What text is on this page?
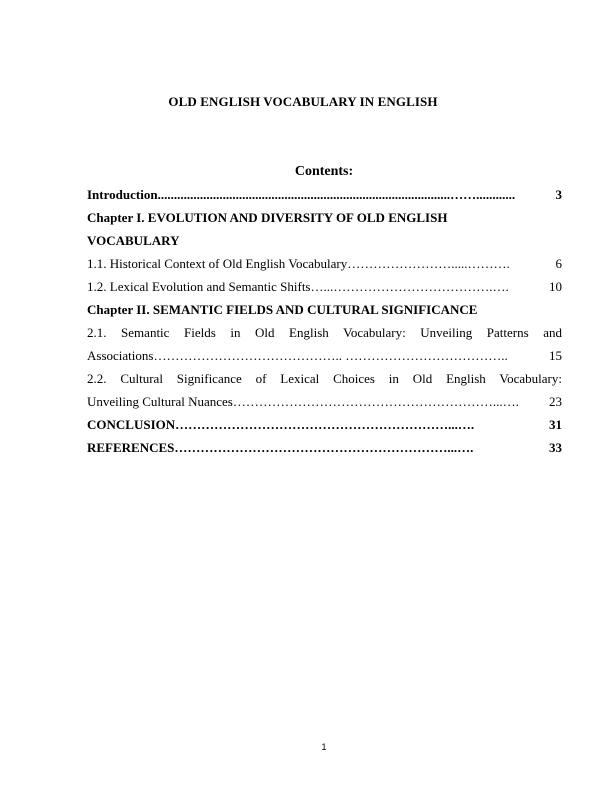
OLD ENGLISH VOCABULARY IN ENGLISH
Contents:
Introduction ..........................................................................................……............	3
Chapter I. EVOLUTION AND DIVERSITY OF OLD ENGLISH
VOCABULARY
1.1. Historical Context of Old English Vocabulary …………………….....……….	6
1.2. Lexical Evolution and Semantic Shifts…... ……………………………….….	10
Chapter II. SEMANTIC FIELDS AND CULTURAL SIGNIFICANCE
2.1. Semantic Fields in Old English Vocabulary: Unveiling Patterns and
Associations …………………………………….. ………………………………..	15
2.2. Cultural Significance of Lexical Choices in Old English Vocabulary:
Unveiling Cultural Nuances ……………………………………………………...….	23
CONCLUSION ………………………………………………………...….	31
REFERENCES ………………………………………………………...….	33
1
